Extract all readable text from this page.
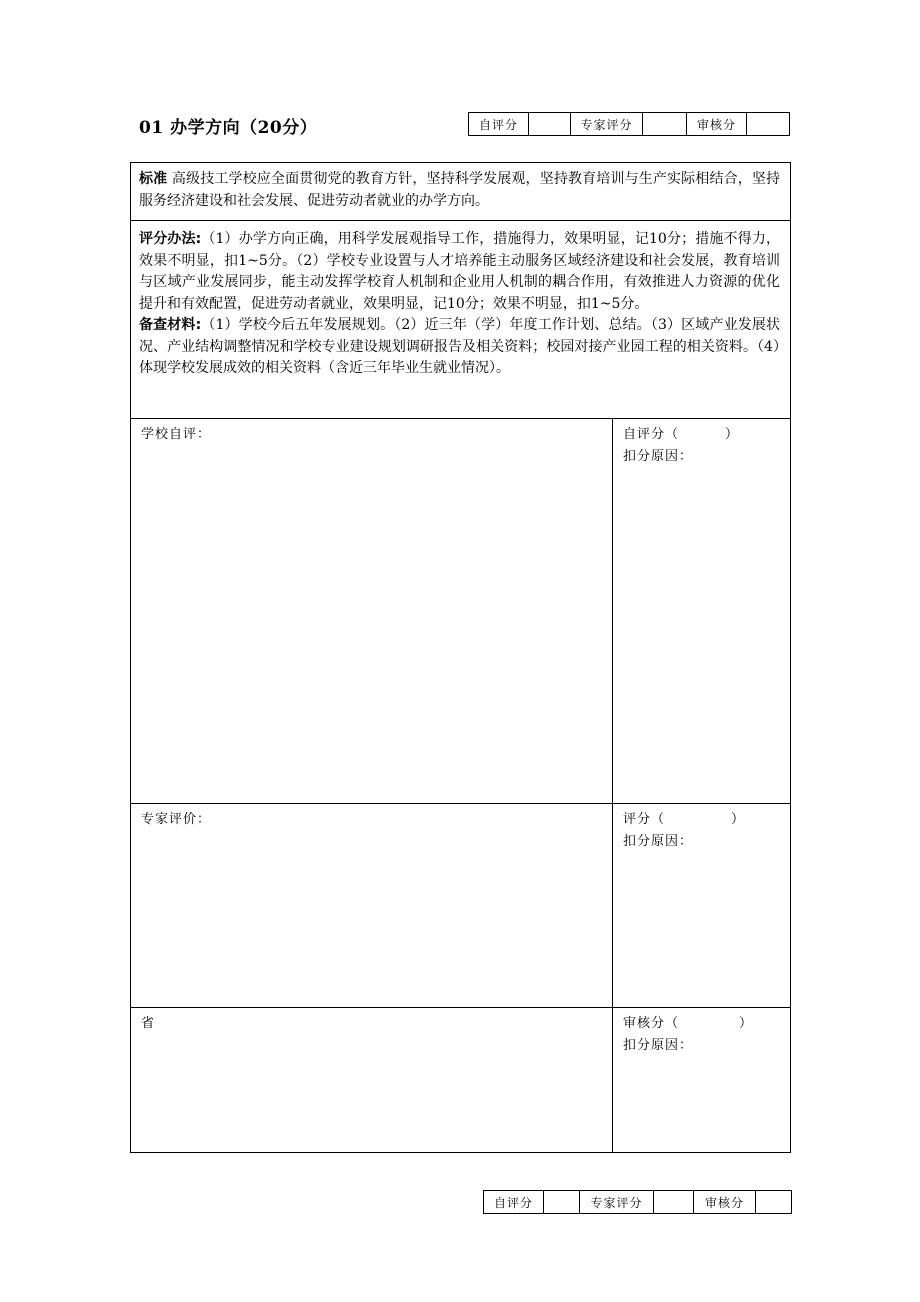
01 办学方向（20分）	自评分		专家评分		审核分	
标准 高级技工学校应全面贯彻党的教育方针，坚持科学发展观，坚持教育培训与生产实际相结合，坚持服务经济建设和社会发展、促进劳动者就业的办学方向。	

评分办法:（1）办学方向正确，用科学发展观指导工作，措施得力，效果明显，记10分；措施不得力，效果不明显，扣1~5分。（2）学校专业设置与人才培养能主动服务区域经济建设和社会发展，教育培训与区域产业发展同步，能主动发挥学校育人机制和企业用人机制的耦合作用，有效推进人力资源的优化提升和有效配置，促进劳动者就业，效果明显，记10分；效果不明显，扣1~5分。
备查材料:（1）学校今后五年发展规划。（2）近三年（学）年度工作计划、总结。（3）区域产业发展状况、产业结构调整情况和学校专业建设规划调研报告及相关资料；校园对接产业园工程的相关资料。（4）体现学校发展成效的相关资料（含近三年毕业生就业情况）。	

学校自评：	自评分（ ）
扣分原因：

专家评价：	评分（ ）
扣分原因：

省	审核分（ ）
扣分原因：
自评分		专家评分		审核分	
